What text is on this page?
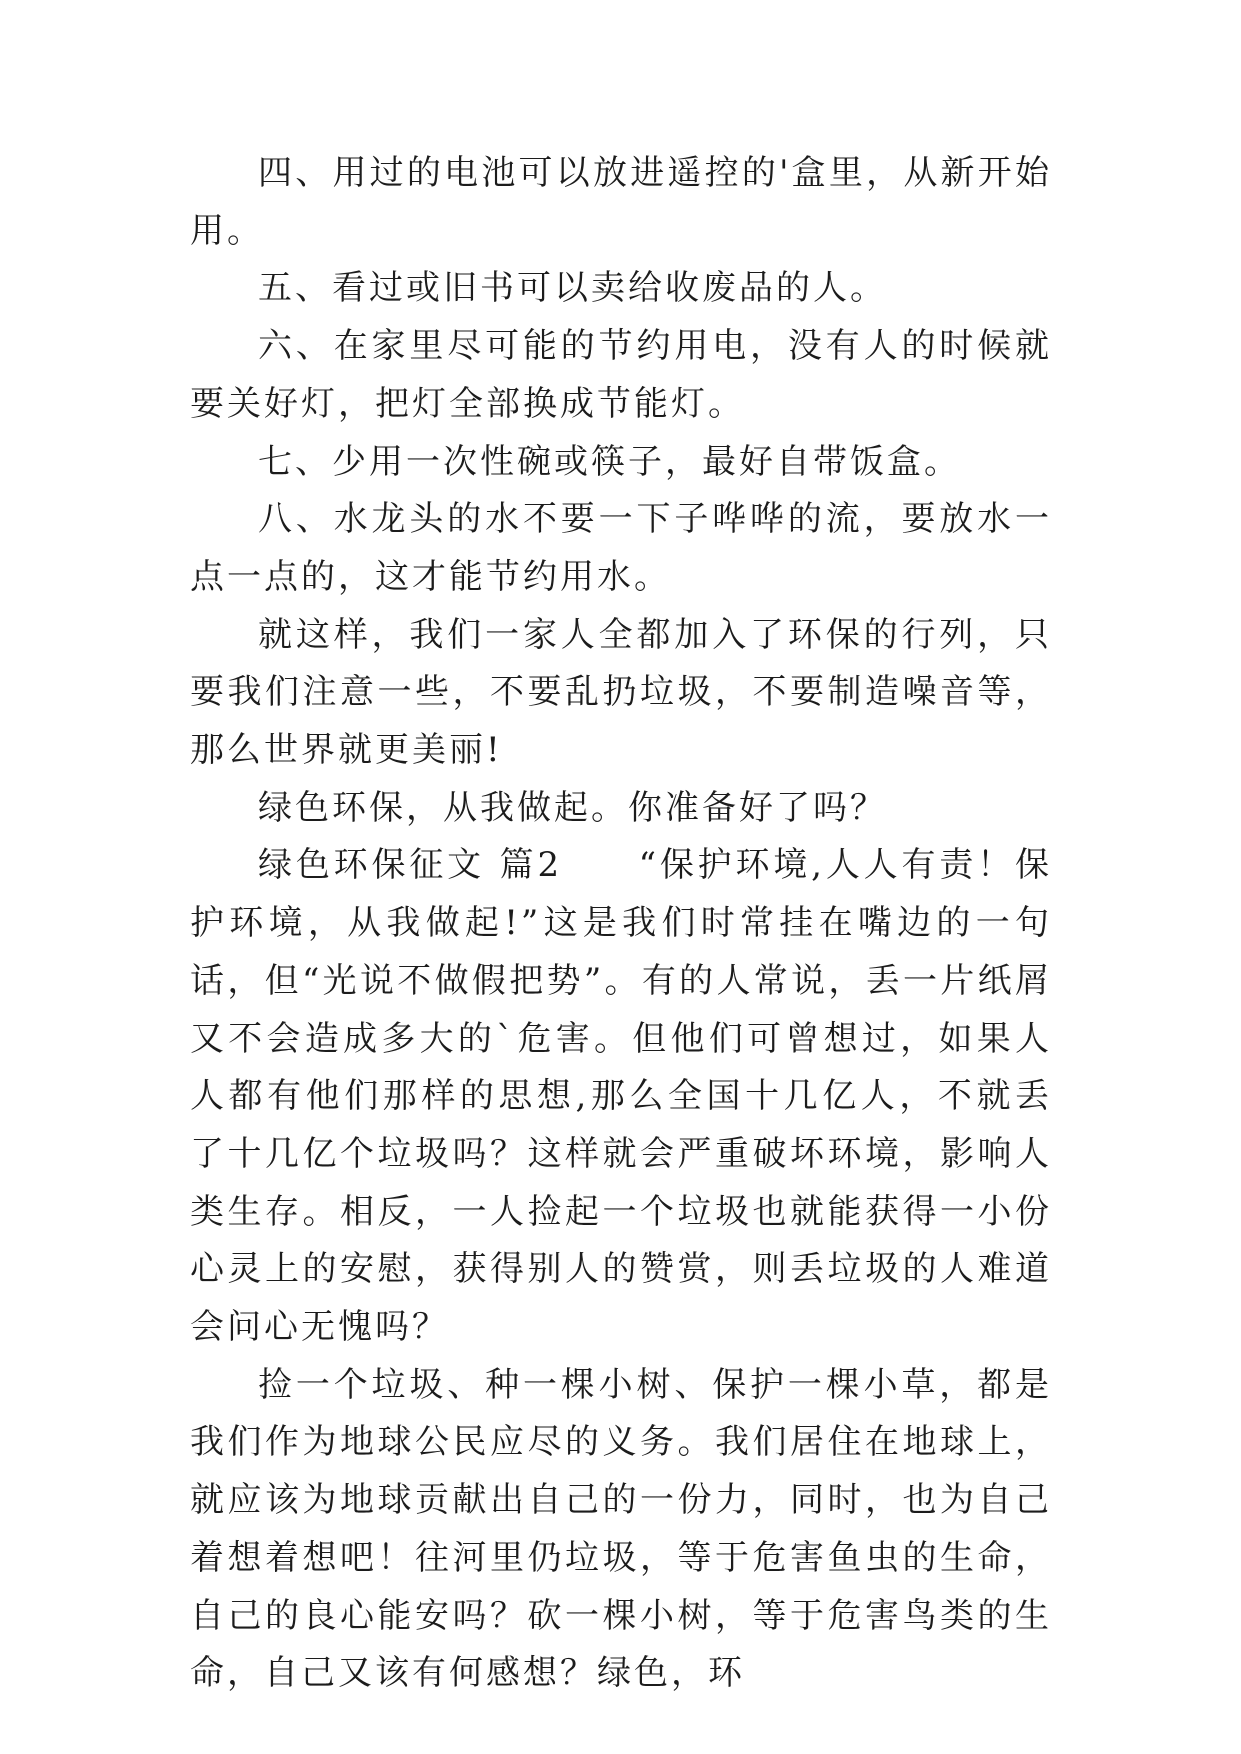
四、用过的电池可以放进遥控的'盒里，从新开始用。

五、看过或旧书可以卖给收废品的人。

六、在家里尽可能的节约用电，没有人的时候就要关好灯，把灯全部换成节能灯。

七、少用一次性碗或筷子，最好自带饭盒。

八、水龙头的水不要一下子哗哗的流，要放水一点一点的，这才能节约用水。

就这样，我们一家人全都加入了环保的行列，只要我们注意一些，不要乱扔垃圾，不要制造噪音等，那么世界就更美丽!

绿色环保，从我做起。你准备好了吗？

绿色环保征文 篇2　　 “保护环境,人人有责！保护环境，从我做起!”这是我们时常挂在嘴边的一句话，但“光说不做假把势”。有的人常说，丢一片纸屑又不会造成多大的`危害。但他们可曾想过，如果人人都有他们那样的思想,那么全国十几亿人，不就丢了十几亿个垃圾吗？这样就会严重破坏环境，影响人类生存。相反，一人捡起一个垃圾也就能获得一小份心灵上的安慰，获得别人的赞赏，则丢垃圾的人难道会问心无愧吗？

捡一个垃圾、种一棵小树、保护一棵小草，都是我们作为地球公民应尽的义务。我们居住在地球上，就应该为地球贡献出自己的一份力，同时，也为自己着想着想吧！往河里仍垃圾，等于危害鱼虫的生命，自己的良心能安吗？砍一棵小树，等于危害鸟类的生命，自己又该有何感想？绿色，环
